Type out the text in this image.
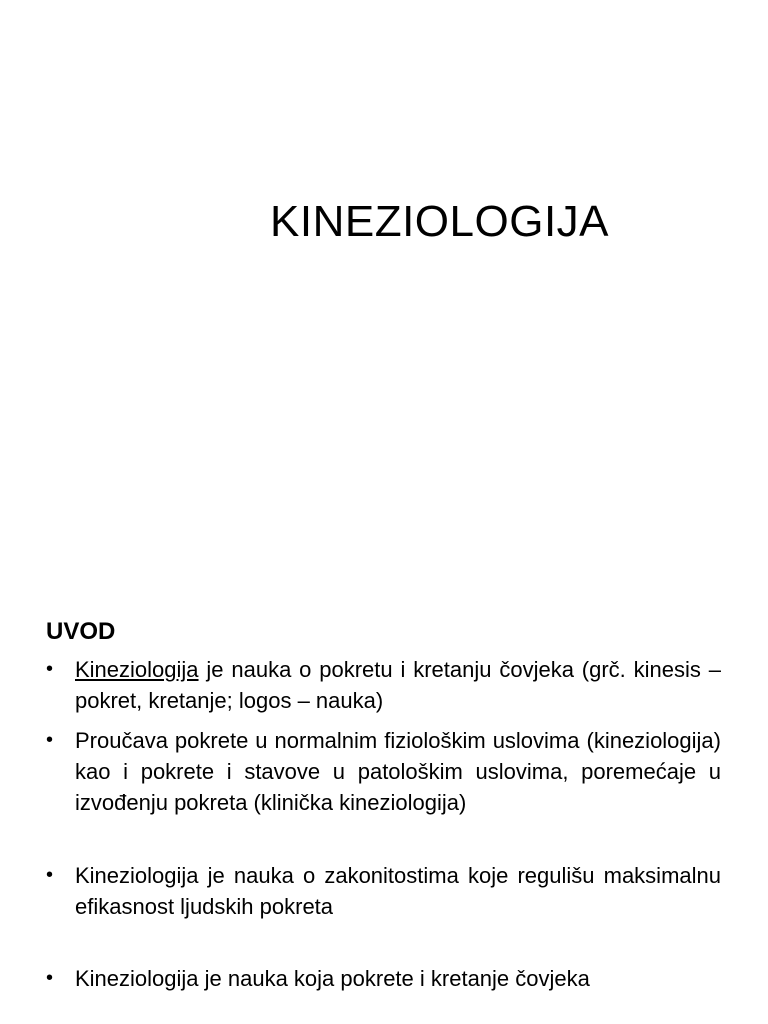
KINEZIOLOGIJA
UVOD
• Kineziologija je nauka o pokretu i kretanju čovjeka (grč. kinesis – pokret, kretanje; logos – nauka)
• Proučava pokrete u normalnim fiziološkim uslovima (kineziologija) kao i pokrete i stavove u patološkim uslovima, poremećaje u izvođenju pokreta (klinička kineziologija)
• Kineziologija je nauka o zakonitostima koje regulišu maksimalnu efikasnost ljudskih pokreta
• Kineziologija je nauka koja pokrete i kretanje čovjeka
